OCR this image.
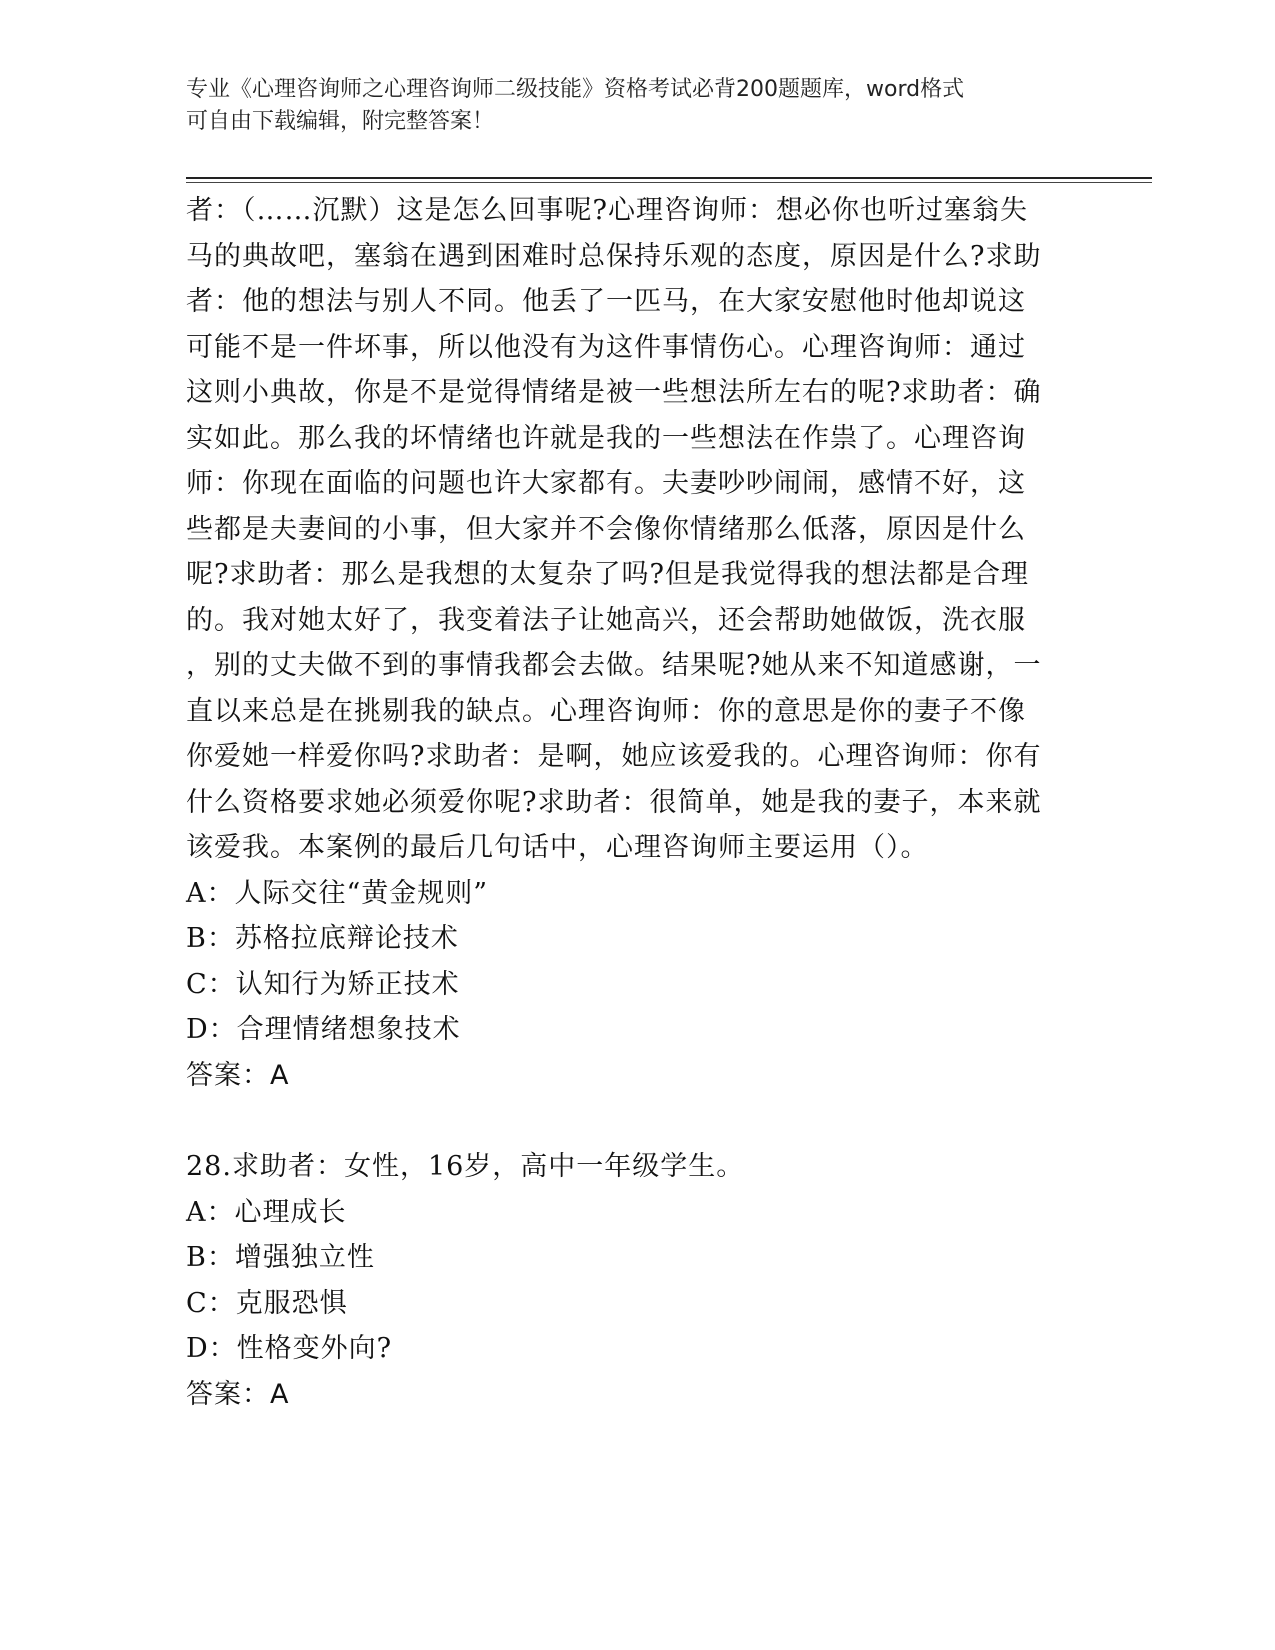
专业《心理咨询师之心理咨询师二级技能》资格考试必背200题题库，word格式

可自由下载编辑，附完整答案！

者：（……沉默）这是怎么回事呢?心理咨询师：想必你也听过塞翁失

马的典故吧，塞翁在遇到困难时总保持乐观的态度，原因是什么?求助

者：他的想法与别人不同。他丢了一匹马，在大家安慰他时他却说这

可能不是一件坏事，所以他没有为这件事情伤心。心理咨询师：通过

这则小典故，你是不是觉得情绪是被一些想法所左右的呢?求助者：确

实如此。那么我的坏情绪也许就是我的一些想法在作祟了。心理咨询

师：你现在面临的问题也许大家都有。夫妻吵吵闹闹，感情不好，这

些都是夫妻间的小事，但大家并不会像你情绪那么低落，原因是什么

呢?求助者：那么是我想的太复杂了吗?但是我觉得我的想法都是合理

的。我对她太好了，我变着法子让她高兴，还会帮助她做饭，洗衣服

，别的丈夫做不到的事情我都会去做。结果呢?她从来不知道感谢，一

直以来总是在挑剔我的缺点。心理咨询师：你的意思是你的妻子不像

你爱她一样爱你吗?求助者：是啊，她应该爱我的。心理咨询师：你有

什么资格要求她必须爱你呢?求助者：很简单，她是我的妻子，本来就

该爱我。本案例的最后几句话中，心理咨询师主要运用（）。

A：人际交往“黄金规则”

B：苏格拉底辩论技术

C：认知行为矫正技术

D：合理情绪想象技术

答案：A

28.求助者：女性，16岁，高中一年级学生。

A：心理成长

B：增强独立性

C：克服恐惧

D：性格变外向?

答案：A
